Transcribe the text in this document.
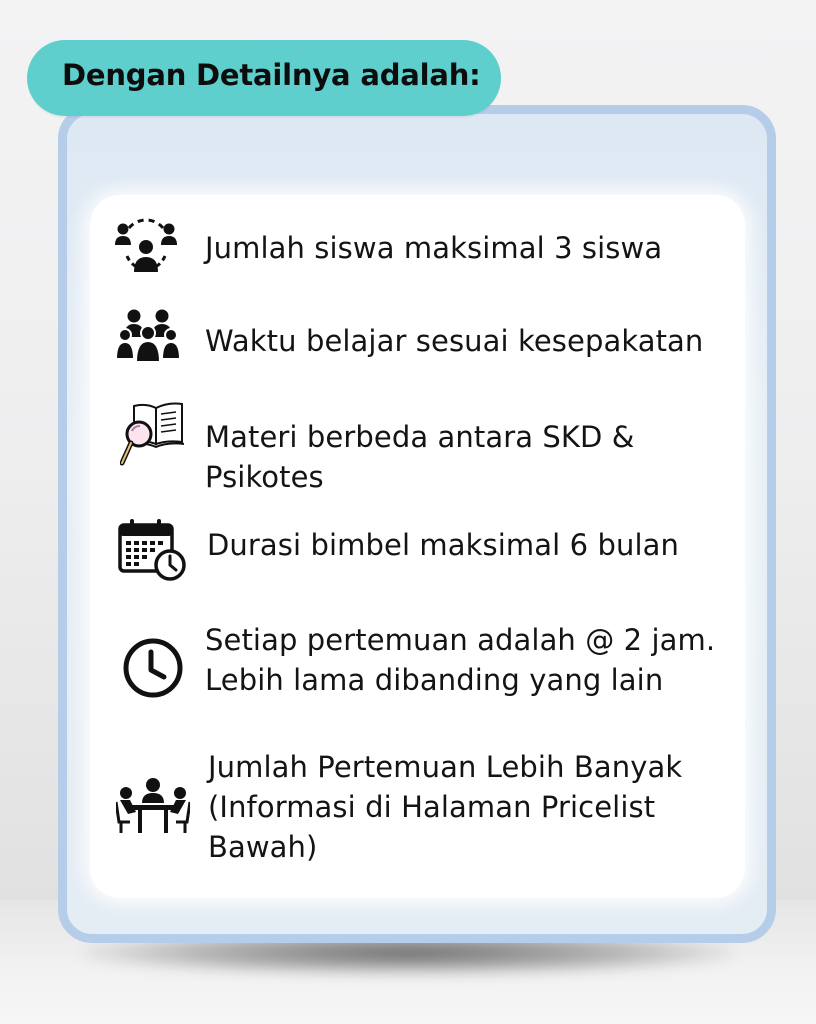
Dengan Detailnya adalah:
Jumlah siswa maksimal 3 siswa
Waktu belajar sesuai kesepakatan
Materi berbeda antara SKD &
Psikotes
Durasi bimbel maksimal 6 bulan
Setiap pertemuan adalah @ 2 jam.
Lebih lama dibanding yang lain
Jumlah Pertemuan Lebih Banyak
(Informasi di Halaman Pricelist
Bawah)
